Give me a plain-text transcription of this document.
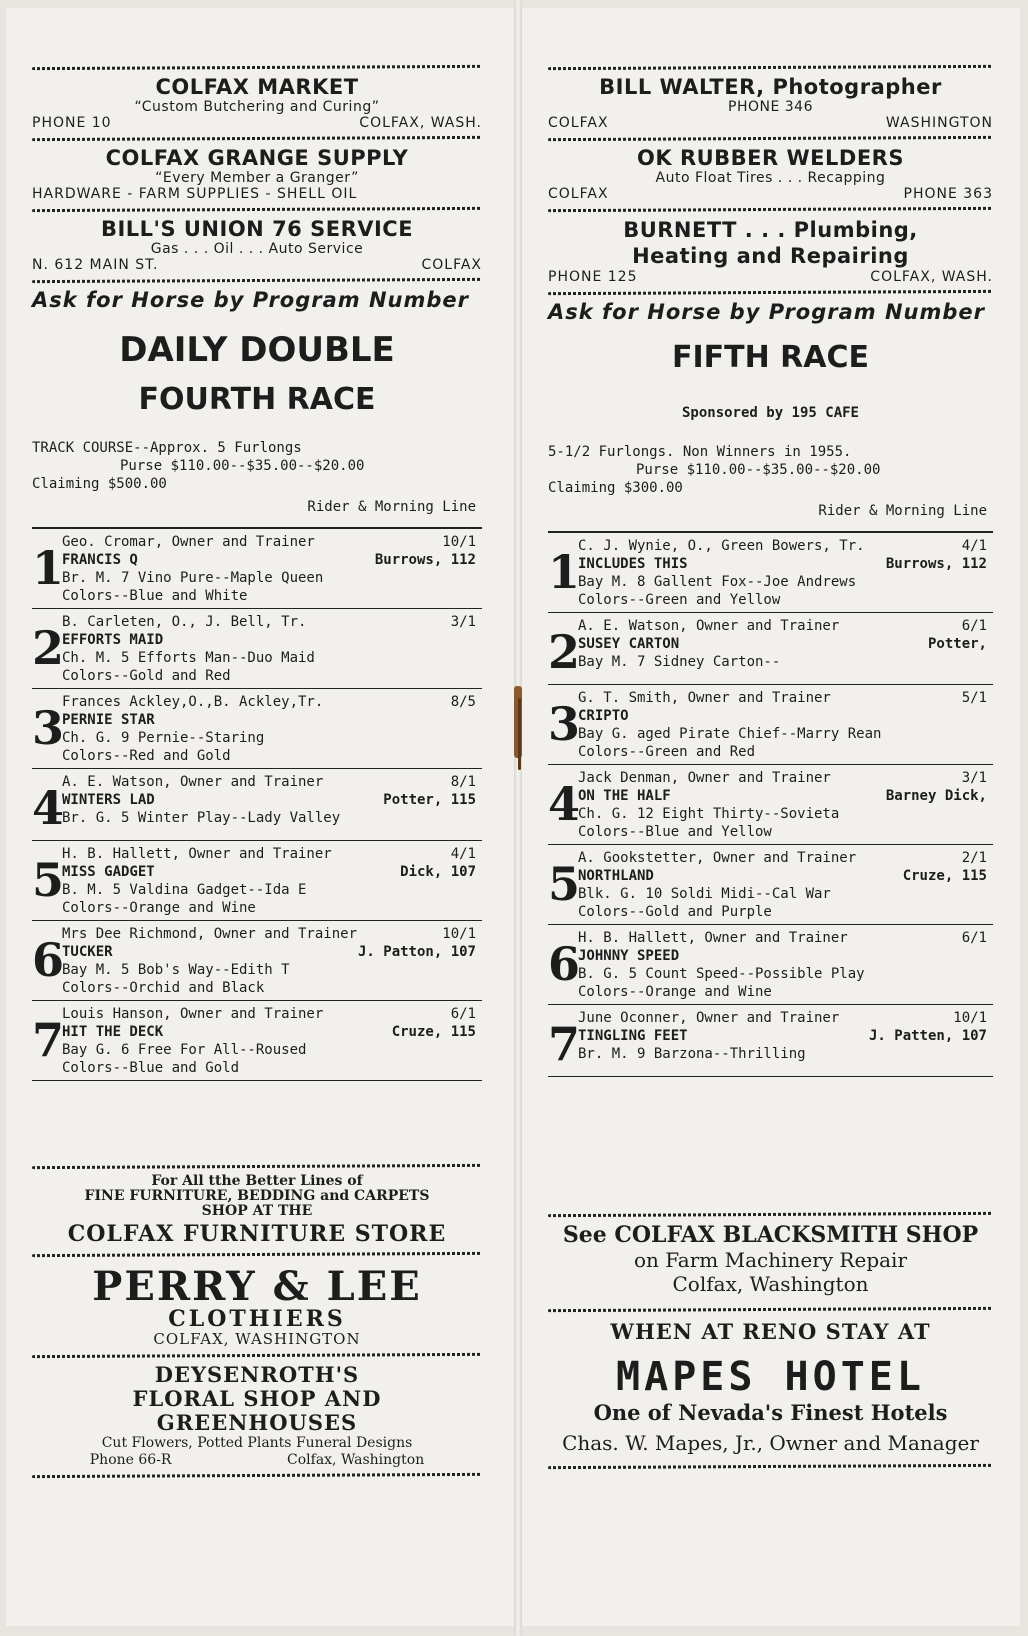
COLFAX MARKET
“Custom Butchering and Curing”
PHONE 10	COLFAX, WASH.
COLFAX GRANGE SUPPLY
“Every Member a Granger”
HARDWARE - FARM SUPPLIES - SHELL OIL
BILL'S UNION 76 SERVICE
Gas . . . Oil . . . Auto Service
N. 612 MAIN ST.	COLFAX
Ask for Horse by Program Number
DAILY DOUBLE
FOURTH RACE
TRACK COURSE--Approx. 5 Furlongs
Purse $110.00--$35.00--$20.00
Claiming $500.00
Rider & Morning Line
1
Geo. Cromar, Owner and Trainer	10/1
FRANCIS Q	Burrows, 112
Br. M. 7 Vino Pure--Maple Queen
Colors--Blue and White
2
B. Carleten, O., J. Bell, Tr.	3/1
EFFORTS MAID
Ch. M. 5 Efforts Man--Duo Maid
Colors--Gold and Red
3
Frances Ackley,O.,B. Ackley,Tr.	8/5
PERNIE STAR
Ch. G. 9 Pernie--Staring
Colors--Red and Gold
4
A. E. Watson, Owner and Trainer	8/1
WINTERS LAD	Potter, 115
Br. G. 5 Winter Play--Lady Valley
5
H. B. Hallett, Owner and Trainer	4/1
MISS GADGET	Dick, 107
B. M. 5 Valdina Gadget--Ida E
Colors--Orange and Wine
6
Mrs Dee Richmond, Owner and Trainer	10/1
TUCKER	J. Patton, 107
Bay M. 5 Bob's Way--Edith T
Colors--Orchid and Black
7
Louis Hanson, Owner and Trainer	6/1
HIT THE DECK	Cruze, 115
Bay G. 6 Free For All--Roused
Colors--Blue and Gold
For All tthe Better Lines of
FINE FURNITURE, BEDDING and CARPETS
SHOP AT THE
COLFAX FURNITURE STORE
PERRY & LEE
CLOTHIERS
COLFAX, WASHINGTON
DEYSENROTH'S
FLORAL SHOP AND GREENHOUSES
Cut Flowers, Potted Plants Funeral Designs
Phone 66-R	Colfax, Washington
BILL WALTER, Photographer
PHONE 346
COLFAX	WASHINGTON
OK RUBBER WELDERS
Auto Float Tires . . . Recapping
COLFAX	PHONE 363
BURNETT . . . Plumbing, Heating and Repairing
PHONE 125	COLFAX, WASH.
Ask for Horse by Program Number
FIFTH RACE
Sponsored by 195 CAFE
5-1/2 Furlongs. Non Winners in 1955.
Purse $110.00--$35.00--$20.00
Claiming $300.00
Rider & Morning Line
1
C. J. Wynie, O., Green Bowers, Tr.	4/1
INCLUDES THIS	Burrows, 112
Bay M. 8 Gallent Fox--Joe Andrews
Colors--Green and Yellow
2
A. E. Watson, Owner and Trainer	6/1
SUSEY CARTON	Potter,
Bay M. 7 Sidney Carton--
3
G. T. Smith, Owner and Trainer	5/1
CRIPTO
Bay G. aged Pirate Chief--Marry Rean
Colors--Green and Red
4
Jack Denman, Owner and Trainer	3/1
ON THE HALF	Barney Dick,
Ch. G. 12 Eight Thirty--Sovieta
Colors--Blue and Yellow
5
A. Gookstetter, Owner and Trainer	2/1
NORTHLAND	Cruze, 115
Blk. G. 10 Soldi Midi--Cal War
Colors--Gold and Purple
6
H. B. Hallett, Owner and Trainer	6/1
JOHNNY SPEED
B. G. 5 Count Speed--Possible Play
Colors--Orange and Wine
7
June Oconner, Owner and Trainer	10/1
TINGLING FEET	J. Patten, 107
Br. M. 9 Barzona--Thrilling
See COLFAX BLACKSMITH SHOP
on Farm Machinery Repair
Colfax, Washington
WHEN AT RENO STAY AT
MAPES HOTEL
One of Nevada's Finest Hotels
Chas. W. Mapes, Jr., Owner and Manager
